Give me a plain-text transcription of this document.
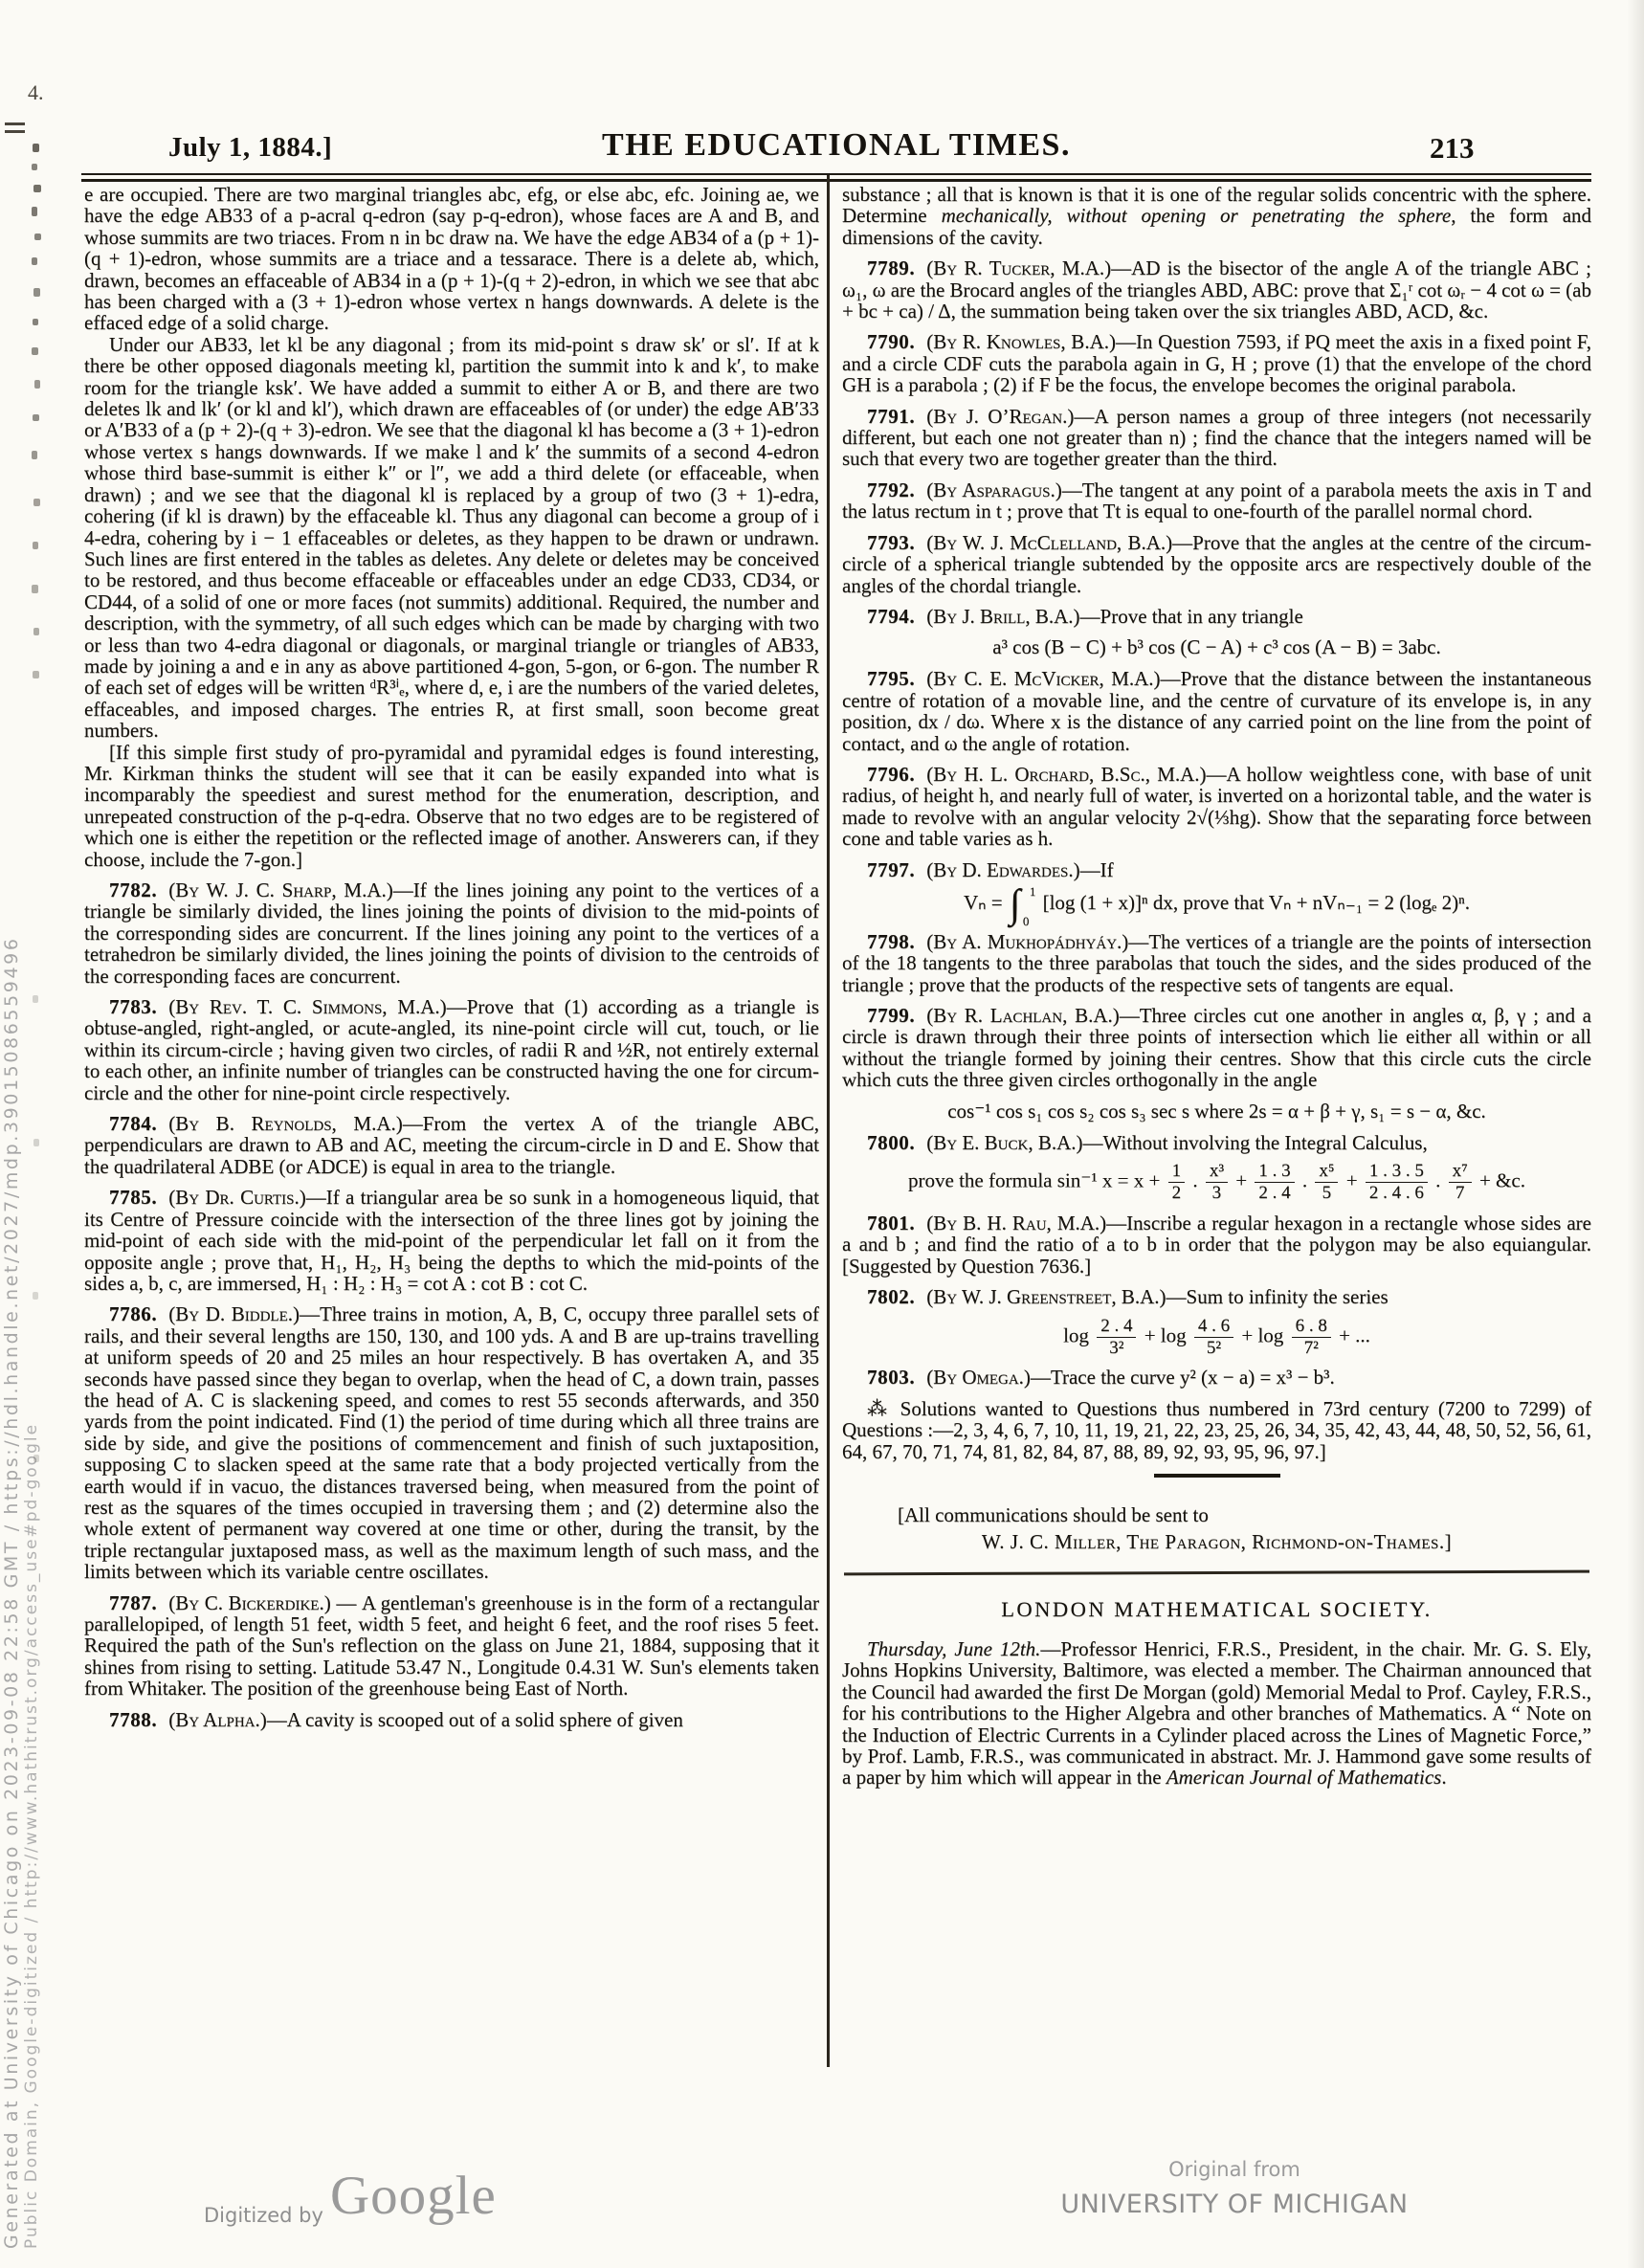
July 1, 1884.]	THE EDUCATIONAL TIMES.	213

e are occupied. There are two marginal triangles abc, efg, or else abc, efc. Joining ae, we have the edge AB33 of a p-acral q-edron (say p-q-edron), whose faces are A and B, and whose summits are two triaces. From n in bc draw na. We have the edge AB34 of a (p + 1)-(q + 1)-edron, whose summits are a triace and a tessarace. There is a delete ab, which, drawn, becomes an effaceable of AB34 in a (p + 1)-(q + 2)-edron, in which we see that abc has been charged with a (3 + 1)-edron whose vertex n hangs downwards. A delete is the effaced edge of a solid charge.

Under our AB33, let kl be any diagonal ; from its mid-point s draw sk′ or sl′. If at k there be other opposed diagonals meeting kl, partition the summit into k and k′, to make room for the triangle ksk′. We have added a summit to either A or B, and there are two deletes lk and lk′ (or kl and kl′), which drawn are effaceables of (or under) the edge AB′33 or A′B33 of a (p + 2)-(q + 3)-edron. We see that the diagonal kl has become a (3 + 1)-edron whose vertex s hangs downwards. If we make l and k′ the summits of a second 4-edron whose third base-summit is either k″ or l″, we add a third delete (or effaceable, when drawn) ; and we see that the diagonal kl is replaced by a group of two (3 + 1)-edra, cohering (if kl is drawn) by the effaceable kl. Thus any diagonal can become a group of i 4-edra, cohering by i − 1 effaceables or deletes, as they happen to be drawn or undrawn. Such lines are first entered in the tables as deletes. Any delete or deletes may be conceived to be restored, and thus become effaceable or effaceables under an edge CD33, CD34, or CD44, of a solid of one or more faces (not summits) additional. Required, the number and description, with the symmetry, of all such edges which can be made by charging with two or less than two 4-edra diagonal or diagonals, or marginal triangle or triangles of AB33, made by joining a and e in any as above partitioned 4-gon, 5-gon, or 6-gon. The number R of each set of edges will be written ᵈR³ⁱₑ, where d, e, i are the numbers of the varied deletes, effaceables, and imposed charges. The entries R, at first small, soon become great numbers.

[If this simple first study of pro-pyramidal and pyramidal edges is found interesting, Mr. Kirkman thinks the student will see that it can be easily expanded into what is incomparably the speediest and surest method for the enumeration, description, and unrepeated construction of the p-q-edra. Observe that no two edges are to be registered of which one is either the repetition or the reflected image of another. Answerers can, if they choose, include the 7-gon.]

7782. (By W. J. C. Sharp, M.A.)—If the lines joining any point to the vertices of a triangle be similarly divided, the lines joining the points of division to the mid-points of the corresponding sides are concurrent. If the lines joining any point to the vertices of a tetrahedron be similarly divided, the lines joining the points of division to the centroids of the corresponding faces are concurrent.

7783. (By Rev. T. C. Simmons, M.A.)—Prove that (1) according as a triangle is obtuse-angled, right-angled, or acute-angled, its nine-point circle will cut, touch, or lie within its circum-circle ; having given two circles, of radii R and ½R, not entirely external to each other, an infinite number of triangles can be constructed having the one for circum-circle and the other for nine-point circle respectively.

7784. (By B. Reynolds, M.A.)—From the vertex A of the triangle ABC, perpendiculars are drawn to AB and AC, meeting the circum-circle in D and E. Show that the quadrilateral ADBE (or ADCE) is equal in area to the triangle.

7785. (By Dr. Curtis.)—If a triangular area be so sunk in a homogeneous liquid, that its Centre of Pressure coincide with the intersection of the three lines got by joining the mid-point of each side with the mid-point of the perpendicular let fall on it from the opposite angle ; prove that, H₁, H₂, H₃ being the depths to which the mid-points of the sides a, b, c, are immersed, H₁ : H₂ : H₃ = cot A : cot B : cot C.

7786. (By D. Biddle.)—Three trains in motion, A, B, C, occupy three parallel sets of rails, and their several lengths are 150, 130, and 100 yds. A and B are up-trains travelling at uniform speeds of 20 and 25 miles an hour respectively. B has overtaken A, and 35 seconds have passed since they began to overlap, when the head of C, a down train, passes the head of A. C is slackening speed, and comes to rest 55 seconds afterwards, and 350 yards from the point indicated. Find (1) the period of time during which all three trains are side by side, and give the positions of commencement and finish of such juxtaposition, supposing C to slacken speed at the same rate that a body projected vertically from the earth would if in vacuo, the distances traversed being, when measured from the point of rest as the squares of the times occupied in traversing them ; and (2) determine also the whole extent of permanent way covered at one time or other, during the transit, by the triple rectangular juxtaposed mass, as well as the maximum length of such mass, and the limits between which its variable centre oscillates.

7787. (By C. Bickerdike.) — A gentleman's greenhouse is in the form of a rectangular parallelopiped, of length 51 feet, width 5 feet, and height 6 feet, and the roof rises 5 feet. Required the path of the Sun's reflection on the glass on June 21, 1884, supposing that it shines from rising to setting. Latitude 53.47 N., Longitude 0.4.31 W. Sun's elements taken from Whitaker. The position of the greenhouse being East of North.

7788. (By Alpha.)—A cavity is scooped out of a solid sphere of given

substance ; all that is known is that it is one of the regular solids concentric with the sphere. Determine mechanically, without opening or penetrating the sphere, the form and dimensions of the cavity.

7789. (By R. Tucker, M.A.)—AD is the bisector of the angle A of the triangle ABC ; ω₁, ω are the Brocard angles of the triangles ABD, ABC: prove that Σ₁ʳ cot ωᵣ − 4 cot ω = (ab + bc + ca) / Δ, the summation being taken over the six triangles ABD, ACD, &c.

7790. (By R. Knowles, B.A.)—In Question 7593, if PQ meet the axis in a fixed point F, and a circle CDF cuts the parabola again in G, H ; prove (1) that the envelope of the chord GH is a parabola ; (2) if F be the focus, the envelope becomes the original parabola.

7791. (By J. O’Regan.)—A person names a group of three integers (not necessarily different, but each one not greater than n) ; find the chance that the integers named will be such that every two are together greater than the third.

7792. (By Asparagus.)—The tangent at any point of a parabola meets the axis in T and the latus rectum in t ; prove that Tt is equal to one-fourth of the parallel normal chord.

7793. (By W. J. McClelland, B.A.)—Prove that the angles at the centre of the circum-circle of a spherical triangle subtended by the opposite arcs are respectively double of the angles of the chordal triangle.

7794. (By J. Brill, B.A.)—Prove that in any triangle

a³ cos (B − C) + b³ cos (C − A) + c³ cos (A − B) = 3abc.

7795. (By C. E. McVicker, M.A.)—Prove that the distance between the instantaneous centre of rotation of a movable line, and the centre of curvature of its envelope is, in any position, dx / dω. Where x is the distance of any carried point on the line from the point of contact, and ω the angle of rotation.

7796. (By H. L. Orchard, B.Sc., M.A.)—A hollow weightless cone, with base of unit radius, of height h, and nearly full of water, is inverted on a horizontal table, and the water is made to revolve with an angular velocity 2√(⅓hg). Show that the separating force between cone and table varies as h.

7797. (By D. Edwardes.)—If

Vₙ = ∫ 1
0
[log (1 + x)]ⁿ dx, prove that Vₙ + nVₙ₋₁ = 2 (logₑ 2)ⁿ.

7798. (By A. Mukhopádhyáy.)—The vertices of a triangle are the points of intersection of the 18 tangents to the three parabolas that touch the sides, and the sides produced of the triangle ; prove that the products of the respective sets of tangents are equal.

7799. (By R. Lachlan, B.A.)—Three circles cut one another in angles α, β, γ ; and a circle is drawn through their three points of intersection which lie either all within or all without the triangle formed by joining their centres. Show that this circle cuts the circle which cuts the three given circles orthogonally in the angle

cos⁻¹ cos s₁ cos s₂ cos s₃ sec s where 2s = α + β + γ, s₁ = s − α, &c.

7800. (By E. Buck, B.A.)—Without involving the Integral Calculus,

prove the formula sin⁻¹ $x = x + \frac{1}{2}$ . $\frac{\text{x³}}{3} + \frac{1 . 3}{2 . 4}$ . $\frac{\text{x⁵}}{5} + \frac{1 . 3 . 5}{2 . 4 . 6}$ . $\frac{\text{x⁷}}{7}$ + &c.

7801. (By B. H. Rau, M.A.)—Inscribe a regular hexagon in a rectangle whose sides are a and b ; and find the ratio of a to b in order that the polygon may be also equiangular. [Suggested by Question 7636.]

7802. (By W. J. Greenstreet, B.A.)—Sum to infinity the series

$\log \frac{2 . 4}{\text{3²}} + \log \frac{4 . 6}{\text{5²}} + \log \frac{6 . 8}{\text{7²}}$ + ...

7803. (By Omega.)—Trace the curve y² (x − a) = x³ − b³.

⁂ Solutions wanted to Questions thus numbered in 73rd century (7200 to 7299) of Questions :—2, 3, 4, 6, 7, 10, 11, 19, 21, 22, 23, 25, 26, 34, 35, 42, 43, 44, 48, 50, 52, 56, 61, 64, 67, 70, 71, 74, 81, 82, 84, 87, 88, 89, 92, 93, 95, 96, 97.]

[All communications should be sent to

W. J. C. Miller, The Paragon, Richmond-on-Thames.]

LONDON MATHEMATICAL SOCIETY.

Thursday, June 12th.—Professor Henrici, F.R.S., President, in the chair. Mr. G. S. Ely, Johns Hopkins University, Baltimore, was elected a member. The Chairman announced that the Council had awarded the first De Morgan (gold) Memorial Medal to Prof. Cayley, F.R.S., for his contributions to the Higher Algebra and other branches of Mathematics. A “ Note on the Induction of Electric Currents in a Cylinder placed across the Lines of Magnetic Force,” by Prof. Lamb, F.R.S., was communicated in abstract. Mr. J. Hammond gave some results of a paper by him which will appear in the American Journal of Mathematics.

4.
Generated at University of Chicago on 2023-09-08 22:58 GMT / https://hdl.handle.net/2027/mdp.39015086559496 Public Domain, Google-digitized / http://www.hathitrust.org/access_use#pd-google	Digitized by Google	Original from
UNIVERSITY OF MICHIGAN
